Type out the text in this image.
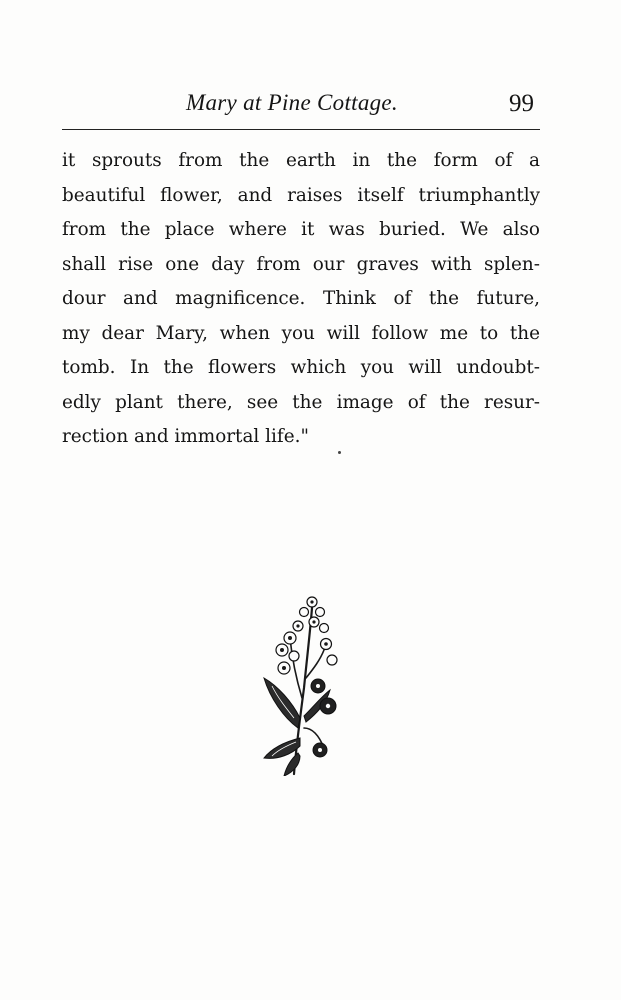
Mary at Pine Cottage.	99
it sprouts from the earth in the form of a
beautiful flower, and raises itself triumphantly
from the place where it was buried. We also
shall rise one day from our graves with splen-
dour and magnificence. Think of the future,
my dear Mary, when you will follow me to the
tomb. In the flowers which you will undoubt-
edly plant there, see the image of the resur-
rection and immortal life."
